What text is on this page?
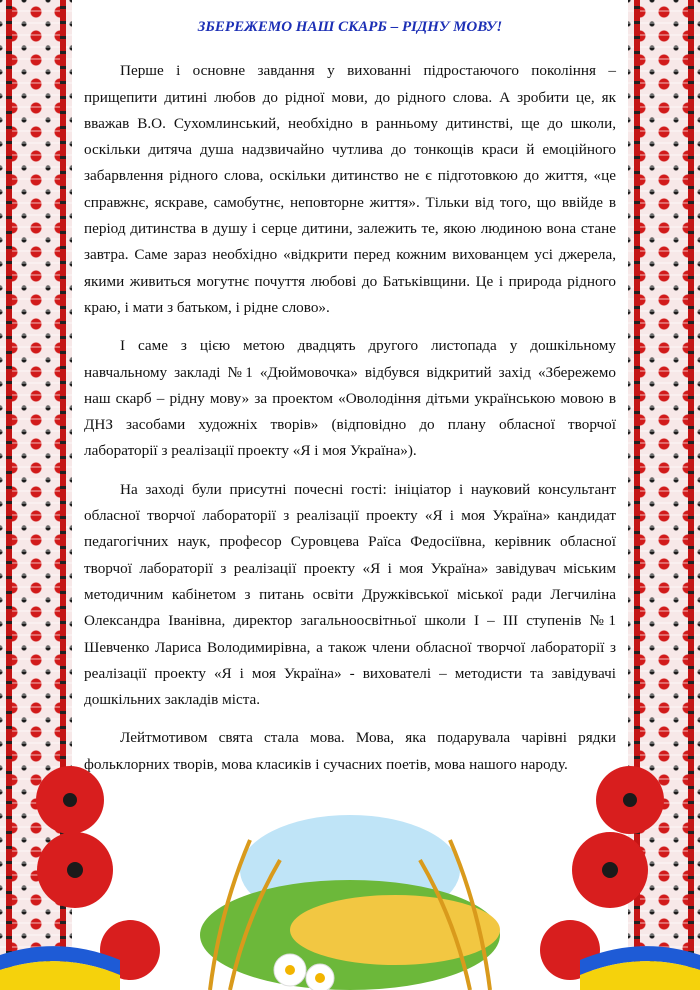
ЗБЕРЕЖЕМО НАШ СКАРБ – РІДНУ МОВУ!

Перше і основне завдання у вихованні підростаючого покоління – прищепити дитині любов до рідної мови, до рідного слова. А зробити це, як вважав В.О. Сухомлинський, необхідно в ранньому дитинстві, ще до школи, оскільки дитяча душа надзвичайно чутлива до тонкощів краси й емоційного забарвлення рідного слова, оскільки дитинство не є підготовкою до життя, «це справжнє, яскраве, самобутнє, неповторне життя». Тільки від того, що ввійде в період дитинства в душу і серце дитини, залежить те, якою людиною вона стане завтра. Саме зараз необхідно «відкрити перед кожним вихованцем усі джерела, якими живиться могутнє почуття любові до Батьківщини. Це і природа рідного краю, і мати з батьком, і рідне слово».

І саме з цією метою двадцять другого листопада у дошкільному навчальному закладі №1 «Дюймовочка» відбувся відкритий захід «Збережемо наш скарб – рідну мову» за проектом «Оволодіння дітьми українською мовою в ДНЗ засобами художніх творів» (відповідно до плану обласної творчої лабораторії з реалізації проекту «Я і моя Україна»).

На заході були присутні почесні гості: ініціатор і науковий консультант обласної творчої лабораторії з реалізації проекту «Я і моя Україна» кандидат педагогічних наук, професор Суровцева Раїса Федосіївна, керівник обласної творчої лабораторії з реалізації проекту «Я і моя Україна» завідувач міським методичним кабінетом з питань освіти Дружківської міської ради Легчиліна Олександра Іванівна, директор загальноосвітньої школи І – ІІІ ступенів №1 Шевченко Лариса Володимирівна, а також члени обласної творчої лабораторії з реалізації проекту «Я і моя Україна» - вихователі – методисти та завідувачі дошкільних закладів міста.

Лейтмотивом свята стала мова. Мова, яка подарувала чарівні рядки фольклорних творів, мова класиків і сучасних поетів, мова нашого народу.
